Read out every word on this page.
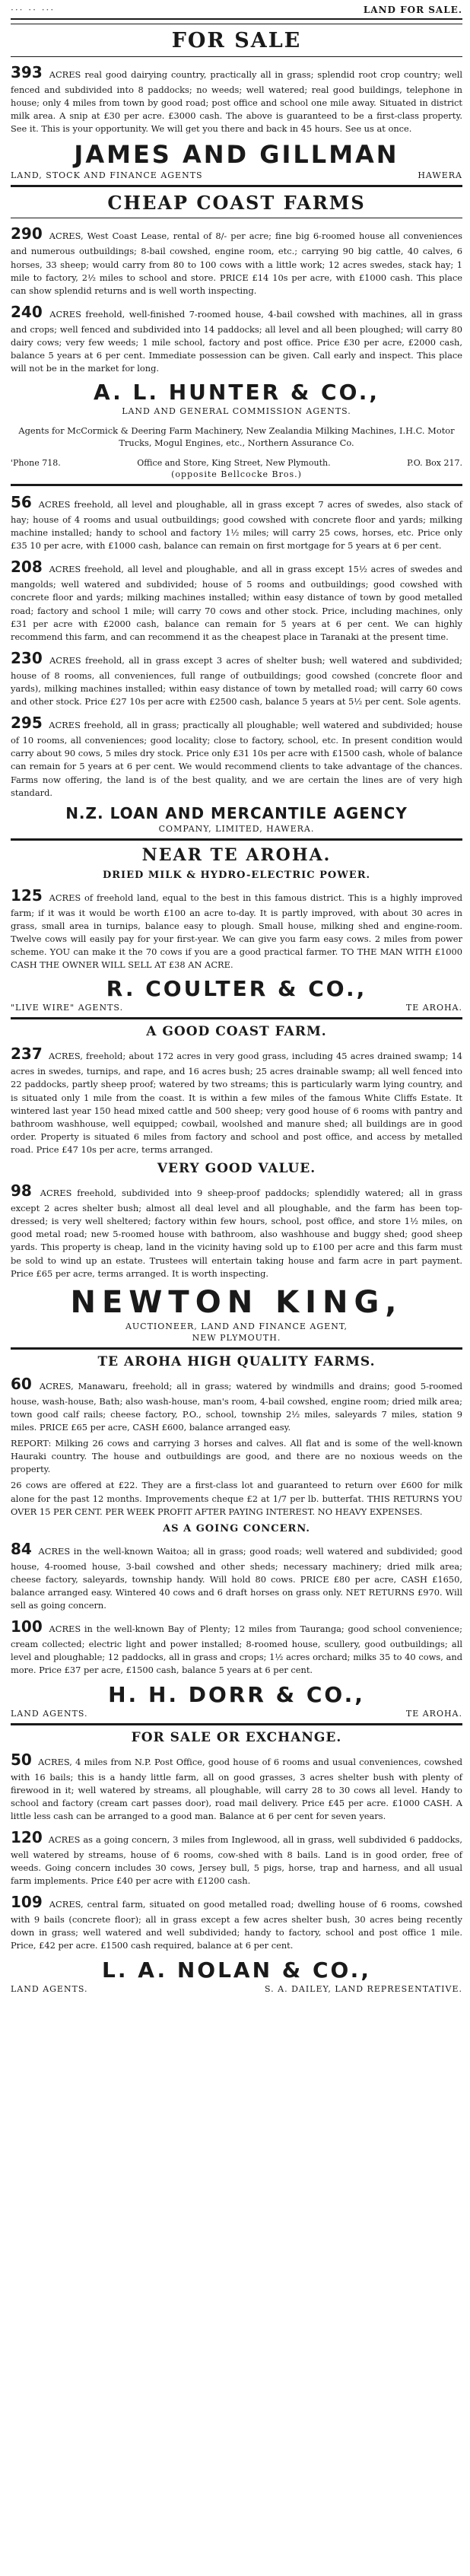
··· ·· ···	LAND FOR SALE.
FOR SALE

393 ACRES real good dairying country, practically all in grass; splendid root crop country; well fenced and subdivided into 8 paddocks; no weeds; well watered; real good buildings, telephone in house; only 4 miles from town by good road; post office and school one mile away. Situated in district milk area. A snip at £30 per acre. £3000 cash. The above is guaranteed to be a first-class property. See it. This is your opportunity. We will get you there and back in 45 hours. See us at once.

JAMES AND GILLMAN
LAND, STOCK AND FINANCE AGENTS	HAWERA
CHEAP COAST FARMS

290 ACRES, West Coast Lease, rental of 8/- per acre; fine big 6-roomed house all conveniences and numerous outbuildings; 8-bail cowshed, engine room, etc.; carrying 90 big cattle, 40 calves, 6 horses, 33 sheep; would carry from 80 to 100 cows with a little work; 12 acres swedes, stack hay; 1 mile to factory, 2½ miles to school and store. PRICE £14 10s per acre, with £1000 cash. This place can show splendid returns and is well worth inspecting.

240 ACRES freehold, well-finished 7-roomed house, 4-bail cowshed with machines, all in grass and crops; well fenced and subdivided into 14 paddocks; all level and all been ploughed; will carry 80 dairy cows; very few weeds; 1 mile school, factory and post office. Price £30 per acre, £2000 cash, balance 5 years at 6 per cent. Immediate possession can be given. Call early and inspect. This place will not be in the market for long.

A. L. HUNTER & CO.,
LAND AND GENERAL COMMISSION AGENTS.

Agents for McCormick & Deering Farm Machinery, New Zealandia Milking Machines, I.H.C. Motor Trucks, Mogul Engines, etc., Northern Assurance Co.

'Phone 718.	Office and Store, King Street, New Plymouth.	P.O. Box 217.
(opposite Bellcocke Bros.)

56 ACRES freehold, all level and ploughable, all in grass except 7 acres of swedes, also stack of hay; house of 4 rooms and usual outbuildings; good cowshed with concrete floor and yards; milking machine installed; handy to school and factory 1½ miles; will carry 25 cows, horses, etc. Price only £35 10 per acre, with £1000 cash, balance can remain on first mortgage for 5 years at 6 per cent.

208 ACRES freehold, all level and ploughable, and all in grass except 15½ acres of swedes and mangolds; well watered and subdivided; house of 5 rooms and outbuildings; good cowshed with concrete floor and yards; milking machines installed; within easy distance of town by good metalled road; factory and school 1 mile; will carry 70 cows and other stock. Price, including machines, only £31 per acre with £2000 cash, balance can remain for 5 years at 6 per cent. We can highly recommend this farm, and can recommend it as the cheapest place in Taranaki at the present time.

230 ACRES freehold, all in grass except 3 acres of shelter bush; well watered and subdivided; house of 8 rooms, all conveniences, full range of outbuildings; good cowshed (concrete floor and yards), milking machines installed; within easy distance of town by metalled road; will carry 60 cows and other stock. Price £27 10s per acre with £2500 cash, balance 5 years at 5½ per cent. Sole agents.

295 ACRES freehold, all in grass; practically all ploughable; well watered and subdivided; house of 10 rooms, all conveniences; good locality; close to factory, school, etc. In present condition would carry about 90 cows, 5 miles dry stock. Price only £31 10s per acre with £1500 cash, whole of balance can remain for 5 years at 6 per cent. We would recommend clients to take advantage of the chances. Farms now offering, the land is of the best quality, and we are certain the lines are of very high standard.

N.Z. LOAN AND MERCANTILE AGENCY
COMPANY, LIMITED, HAWERA.
NEAR TE AROHA.
DRIED MILK & HYDRO-ELECTRIC POWER.

125 ACRES of freehold land, equal to the best in this famous district. This is a highly improved farm; if it was it would be worth £100 an acre to-day. It is partly improved, with about 30 acres in grass, small area in turnips, balance easy to plough. Small house, milking shed and engine-room. Twelve cows will easily pay for your first-year. We can give you farm easy cows. 2 miles from power scheme. YOU can make it the 70 cows if you are a good practical farmer. TO THE MAN WITH £1000 CASH THE OWNER WILL SELL AT £38 AN ACRE.

R. COULTER & CO.,
"LIVE WIRE" AGENTS.	TE AROHA.
A GOOD COAST FARM.

237 ACRES, freehold; about 172 acres in very good grass, including 45 acres drained swamp; 14 acres in swedes, turnips, and rape, and 16 acres bush; 25 acres drainable swamp; all well fenced into 22 paddocks, partly sheep proof; watered by two streams; this is particularly warm lying country, and is situated only 1 mile from the coast. It is within a few miles of the famous White Cliffs Estate. It wintered last year 150 head mixed cattle and 500 sheep; very good house of 6 rooms with pantry and bathroom washhouse, well equipped; cowbail, woolshed and manure shed; all buildings are in good order. Property is situated 6 miles from factory and school and post office, and access by metalled road. Price £47 10s per acre, terms arranged.

VERY GOOD VALUE.

98 ACRES freehold, subdivided into 9 sheep-proof paddocks; splendidly watered; all in grass except 2 acres shelter bush; almost all deal level and all ploughable, and the farm has been top-dressed; is very well sheltered; factory within few hours, school, post office, and store 1½ miles, on good metal road; new 5-roomed house with bathroom, also washhouse and buggy shed; good sheep yards. This property is cheap, land in the vicinity having sold up to £100 per acre and this farm must be sold to wind up an estate. Trustees will entertain taking house and farm acre in part payment. Price £65 per acre, terms arranged. It is worth inspecting.

NEWTON KING,
AUCTIONEER, LAND AND FINANCE AGENT,
NEW PLYMOUTH.
TE AROHA HIGH QUALITY FARMS.

60 ACRES, Manawaru, freehold; all in grass; watered by windmills and drains; good 5-roomed house, wash-house, Bath; also wash-house, man's room, 4-bail cowshed, engine room; dried milk area; town good calf rails; cheese factory, P.O., school, township 2½ miles, saleyards 7 miles, station 9 miles. PRICE £65 per acre, CASH £600, balance arranged easy.

REPORT: Milking 26 cows and carrying 3 horses and calves. All flat and is some of the well-known Hauraki country. The house and outbuildings are good, and there are no noxious weeds on the property.

26 cows are offered at £22. They are a first-class lot and guaranteed to return over £600 for milk alone for the past 12 months. Improvements cheque £2 at 1/7 per lb. butterfat. THIS RETURNS YOU OVER 15 PER CENT. PER WEEK PROFIT AFTER PAYING INTEREST. NO HEAVY EXPENSES.

AS A GOING CONCERN.

84 ACRES in the well-known Waitoa; all in grass; good roads; well watered and subdivided; good house, 4-roomed house, 3-bail cowshed and other sheds; necessary machinery; dried milk area; cheese factory, saleyards, township handy. Will hold 80 cows. PRICE £80 per acre, CASH £1650, balance arranged easy. Wintered 40 cows and 6 draft horses on grass only. NET RETURNS £970. Will sell as going concern.

100 ACRES in the well-known Bay of Plenty; 12 miles from Tauranga; good school convenience; cream collected; electric light and power installed; 8-roomed house, scullery, good outbuildings; all level and ploughable; 12 paddocks, all in grass and crops; 1½ acres orchard; milks 35 to 40 cows, and more. Price £37 per acre, £1500 cash, balance 5 years at 6 per cent.

H. H. DORR & CO.,
LAND AGENTS.	TE AROHA.
FOR SALE OR EXCHANGE.

50 ACRES, 4 miles from N.P. Post Office, good house of 6 rooms and usual conveniences, cowshed with 16 bails; this is a handy little farm, all on good grasses, 3 acres shelter bush with plenty of firewood in it; well watered by streams, all ploughable, will carry 28 to 30 cows all level. Handy to school and factory (cream cart passes door), road mail delivery. Price £45 per acre. £1000 CASH. A little less cash can be arranged to a good man. Balance at 6 per cent for seven years.

120 ACRES as a going concern, 3 miles from Inglewood, all in grass, well subdivided 6 paddocks, well watered by streams, house of 6 rooms, cow-shed with 8 bails. Land is in good order, free of weeds. Going concern includes 30 cows, Jersey bull, 5 pigs, horse, trap and harness, and all usual farm implements. Price £40 per acre with £1200 cash.

109 ACRES, central farm, situated on good metalled road; dwelling house of 6 rooms, cowshed with 9 bails (concrete floor); all in grass except a few acres shelter bush, 30 acres being recently down in grass; well watered and well subdivided; handy to factory, school and post office 1 mile. Price, £42 per acre. £1500 cash required, balance at 6 per cent.

L. A. NOLAN & CO.,
LAND AGENTS.	S. A. DAILEY, LAND REPRESENTATIVE.
